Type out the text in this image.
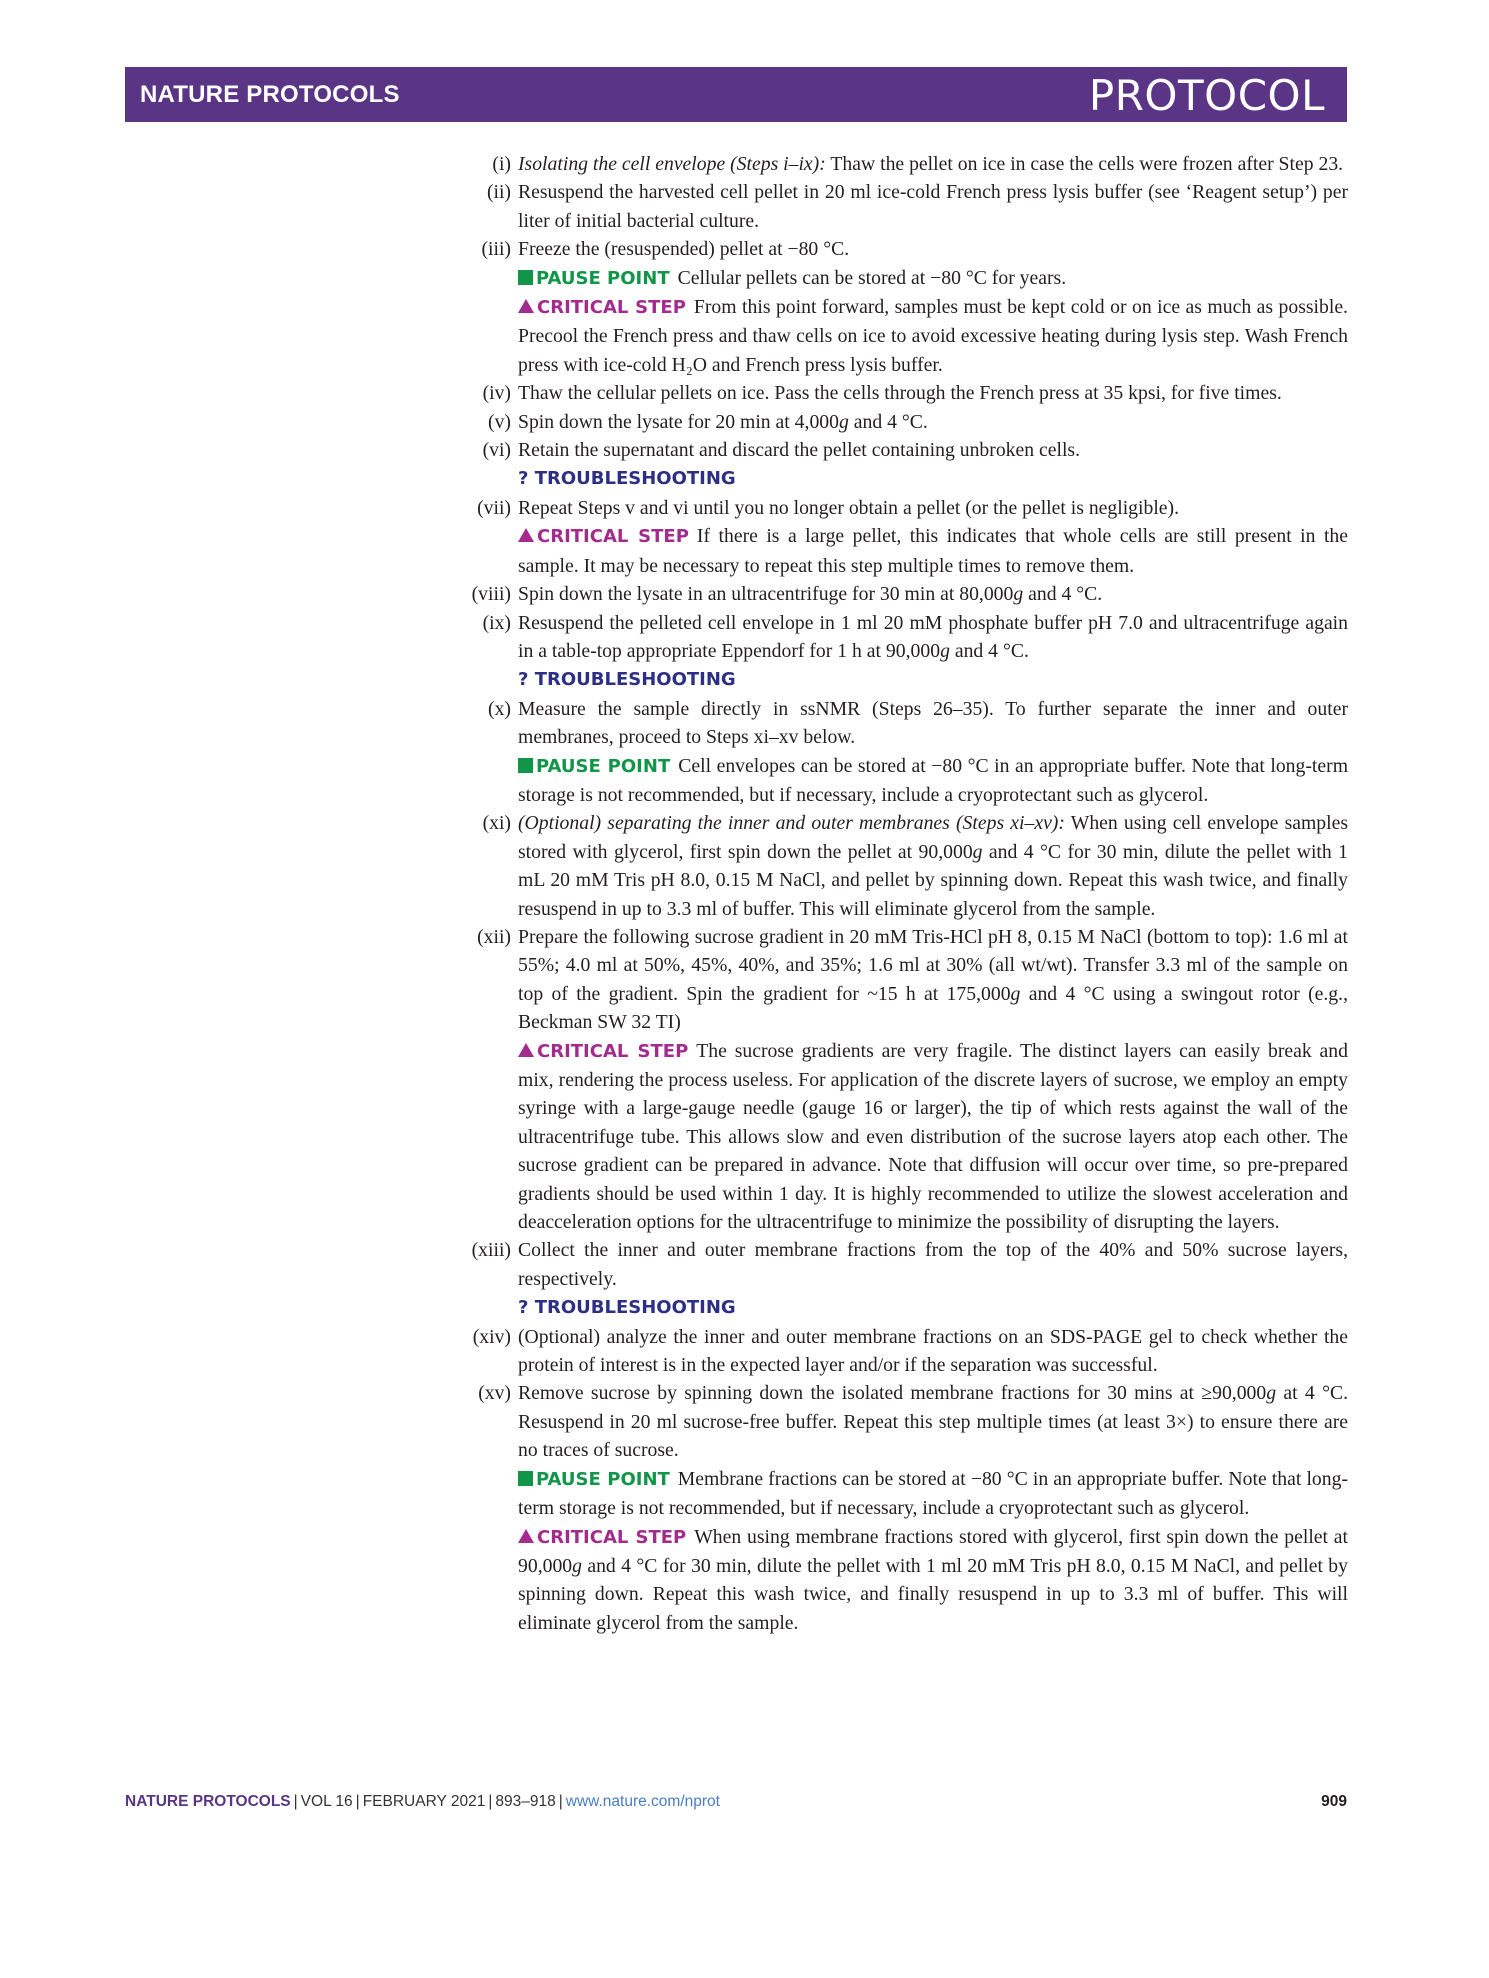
NATURE PROTOCOLS	PROTOCOL
(i) Isolating the cell envelope (Steps i–ix): Thaw the pellet on ice in case the cells were frozen after Step 23.
(ii) Resuspend the harvested cell pellet in 20 ml ice-cold French press lysis buffer (see ‘Reagent setup’) per liter of initial bacterial culture.
(iii) Freeze the (resuspended) pellet at −80 °C.
PAUSE POINT Cellular pellets can be stored at −80 °C for years.
CRITICAL STEP From this point forward, samples must be kept cold or on ice as much as possible. Precool the French press and thaw cells on ice to avoid excessive heating during lysis step. Wash French press with ice-cold H₂O and French press lysis buffer.
(iv) Thaw the cellular pellets on ice. Pass the cells through the French press at 35 kpsi, for five times.
(v) Spin down the lysate for 20 min at 4,000g and 4 °C.
(vi) Retain the supernatant and discard the pellet containing unbroken cells.
? TROUBLESHOOTING
(vii) Repeat Steps v and vi until you no longer obtain a pellet (or the pellet is negligible).
CRITICAL STEP If there is a large pellet, this indicates that whole cells are still present in the sample. It may be necessary to repeat this step multiple times to remove them.
(viii) Spin down the lysate in an ultracentrifuge for 30 min at 80,000g and 4 °C.
(ix) Resuspend the pelleted cell envelope in 1 ml 20 mM phosphate buffer pH 7.0 and ultracentrifuge again in a table-top appropriate Eppendorf for 1 h at 90,000g and 4 °C.
? TROUBLESHOOTING
(x) Measure the sample directly in ssNMR (Steps 26–35). To further separate the inner and outer membranes, proceed to Steps xi–xv below.
PAUSE POINT Cell envelopes can be stored at −80 °C in an appropriate buffer. Note that long-term storage is not recommended, but if necessary, include a cryoprotectant such as glycerol.
(xi) (Optional) separating the inner and outer membranes (Steps xi–xv): When using cell envelope samples stored with glycerol, first spin down the pellet at 90,000g and 4 °C for 30 min, dilute the pellet with 1 mL 20 mM Tris pH 8.0, 0.15 M NaCl, and pellet by spinning down. Repeat this wash twice, and finally resuspend in up to 3.3 ml of buffer. This will eliminate glycerol from the sample.
(xii) Prepare the following sucrose gradient in 20 mM Tris-HCl pH 8, 0.15 M NaCl (bottom to top): 1.6 ml at 55%; 4.0 ml at 50%, 45%, 40%, and 35%; 1.6 ml at 30% (all wt/wt). Transfer 3.3 ml of the sample on top of the gradient. Spin the gradient for ~15 h at 175,000g and 4 °C using a swingout rotor (e.g., Beckman SW 32 TI)
CRITICAL STEP The sucrose gradients are very fragile. The distinct layers can easily break and mix, rendering the process useless. For application of the discrete layers of sucrose, we employ an empty syringe with a large-gauge needle (gauge 16 or larger), the tip of which rests against the wall of the ultracentrifuge tube. This allows slow and even distribution of the sucrose layers atop each other. The sucrose gradient can be prepared in advance. Note that diffusion will occur over time, so pre-prepared gradients should be used within 1 day. It is highly recommended to utilize the slowest acceleration and deacceleration options for the ultracentrifuge to minimize the possibility of disrupting the layers.
(xiii) Collect the inner and outer membrane fractions from the top of the 40% and 50% sucrose layers, respectively.
? TROUBLESHOOTING
(xiv) (Optional) analyze the inner and outer membrane fractions on an SDS-PAGE gel to check whether the protein of interest is in the expected layer and/or if the separation was successful.
(xv) Remove sucrose by spinning down the isolated membrane fractions for 30 mins at ≥90,000g at 4 °C. Resuspend in 20 ml sucrose-free buffer. Repeat this step multiple times (at least 3×) to ensure there are no traces of sucrose.
PAUSE POINT Membrane fractions can be stored at −80 °C in an appropriate buffer. Note that long-term storage is not recommended, but if necessary, include a cryoprotectant such as glycerol.
CRITICAL STEP When using membrane fractions stored with glycerol, first spin down the pellet at 90,000g and 4 °C for 30 min, dilute the pellet with 1 ml 20 mM Tris pH 8.0, 0.15 M NaCl, and pellet by spinning down. Repeat this wash twice, and finally resuspend in up to 3.3 ml of buffer. This will eliminate glycerol from the sample.
NATURE PROTOCOLS | VOL 16 | FEBRUARY 2021 | 893–918 | www.nature.com/nprot	909
